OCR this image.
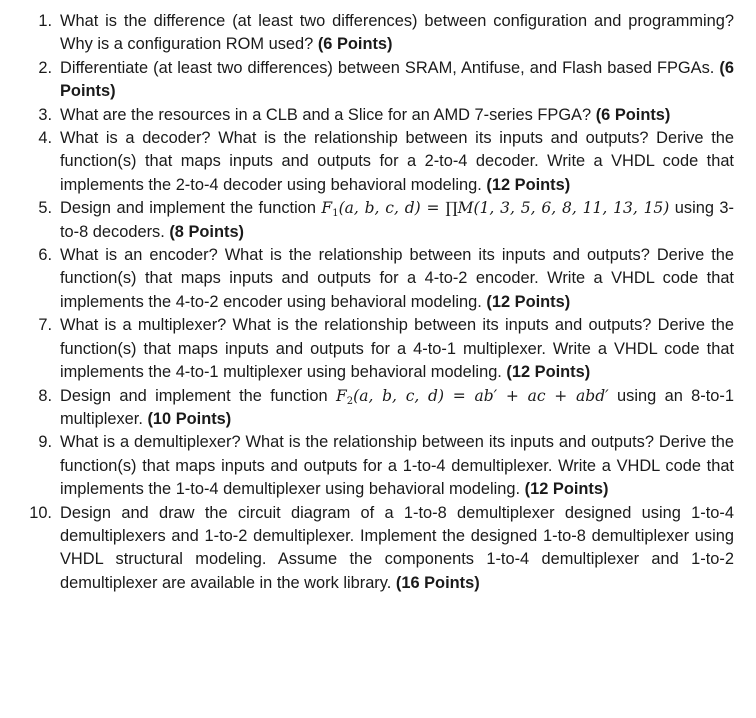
1. What is the difference (at least two differences) between configuration and programming? Why is a configuration ROM used? (6 Points)
2. Differentiate (at least two differences) between SRAM, Antifuse, and Flash based FPGAs. (6 Points)
3. What are the resources in a CLB and a Slice for an AMD 7-series FPGA? (6 Points)
4. What is a decoder? What is the relationship between its inputs and outputs? Derive the function(s) that maps inputs and outputs for a 2-to-4 decoder. Write a VHDL code that implements the 2-to-4 decoder using behavioral modeling. (12 Points)
5. Design and implement the function $F_1(a$, b, c, d) = ∏M(1, 3, 5, 6, 8, 11, 13, 15) using 3-to-8 decoders. (8 Points)
6. What is an encoder? What is the relationship between its inputs and outputs? Derive the function(s) that maps inputs and outputs for a 4-to-2 encoder. Write a VHDL code that implements the 4-to-2 encoder using behavioral modeling. (12 Points)
7. What is a multiplexer? What is the relationship between its inputs and outputs? Derive the function(s) that maps inputs and outputs for a 4-to-1 multiplexer. Write a VHDL code that implements the 4-to-1 multiplexer using behavioral modeling. (12 Points)
8. Design and implement the function $F_2(a$, b, c, d) = ab′ + ac + abd′ using an 8-to-1 multiplexer. (10 Points)
9. What is a demultiplexer? What is the relationship between its inputs and outputs? Derive the function(s) that maps inputs and outputs for a 1-to-4 demultiplexer. Write a VHDL code that implements the 1-to-4 demultiplexer using behavioral modeling. (12 Points)
10. Design and draw the circuit diagram of a 1-to-8 demultiplexer designed using 1-to-4 demultiplexers and 1-to-2 demultiplexer. Implement the designed 1-to-8 demultiplexer using VHDL structural modeling. Assume the components 1-to-4 demultiplexer and 1-to-2 demultiplexer are available in the work library. (16 Points)
